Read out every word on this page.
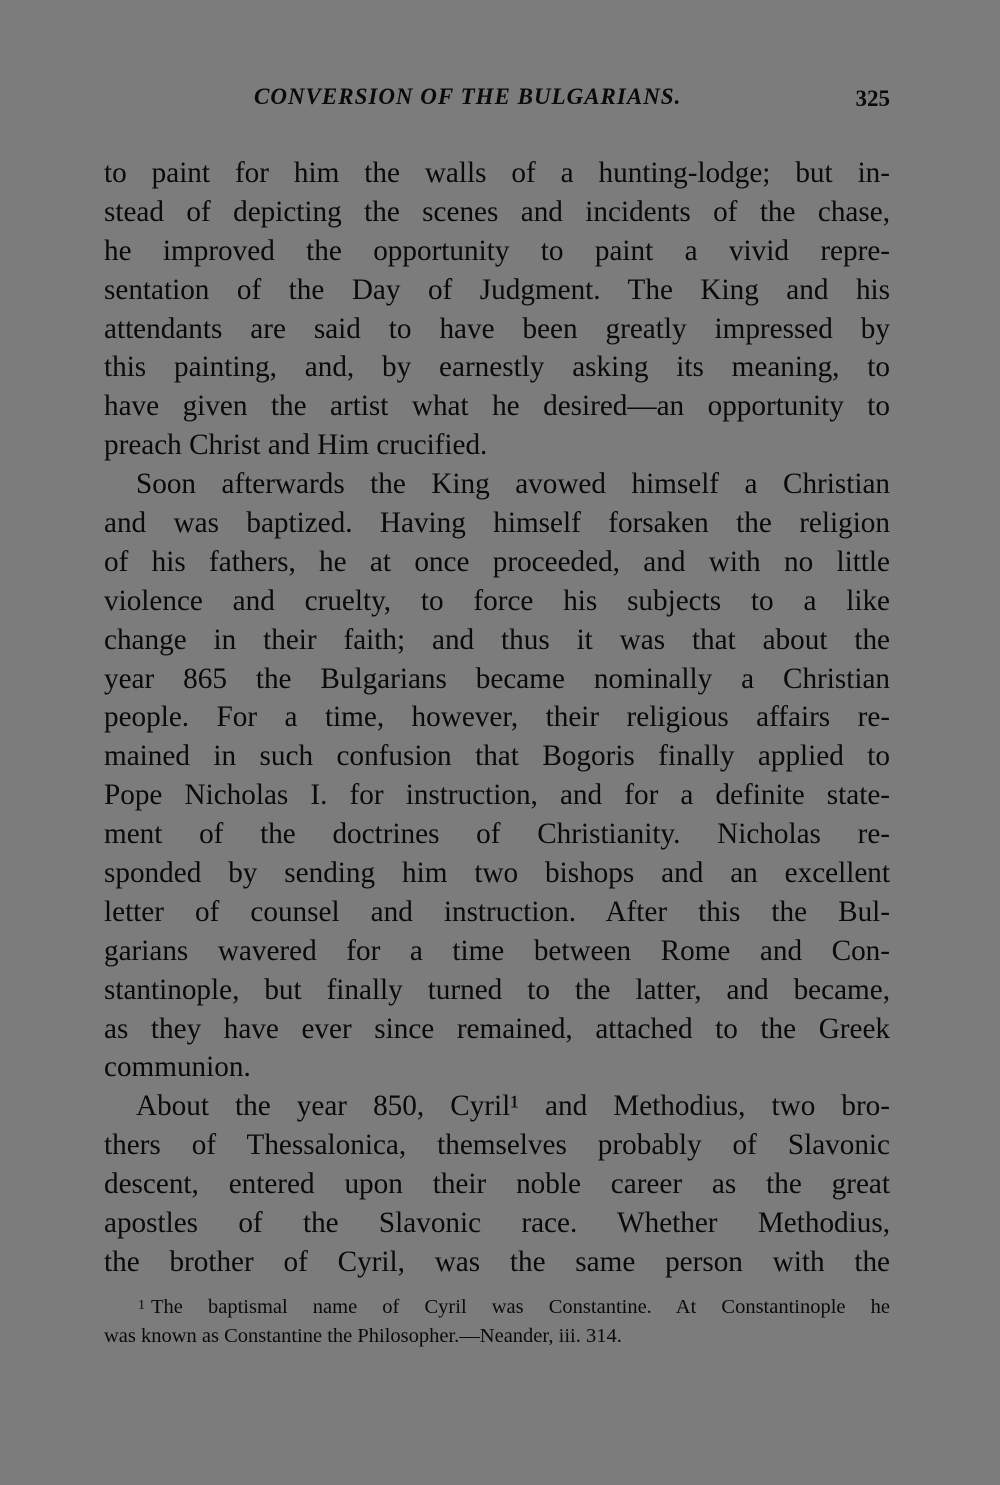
CONVERSION OF THE BULGARIANS.	325
to paint for him the walls of a hunting-lodge; but in-
stead of depicting the scenes and incidents of the chase,
he improved the opportunity to paint a vivid repre-
sentation of the Day of Judgment. The King and his
attendants are said to have been greatly impressed by
this painting, and, by earnestly asking its meaning, to
have given the artist what he desired—an opportunity to
preach Christ and Him crucified.
Soon afterwards the King avowed himself a Christian
and was baptized. Having himself forsaken the religion
of his fathers, he at once proceeded, and with no little
violence and cruelty, to force his subjects to a like
change in their faith; and thus it was that about the
year 865 the Bulgarians became nominally a Christian
people. For a time, however, their religious affairs re-
mained in such confusion that Bogoris finally applied to
Pope Nicholas I. for instruction, and for a definite state-
ment of the doctrines of Christianity. Nicholas re-
sponded by sending him two bishops and an excellent
letter of counsel and instruction. After this the Bul-
garians wavered for a time between Rome and Con-
stantinople, but finally turned to the latter, and became,
as they have ever since remained, attached to the Greek
communion.
About the year 850, Cyril¹ and Methodius, two bro-
thers of Thessalonica, themselves probably of Slavonic
descent, entered upon their noble career as the great
apostles of the Slavonic race. Whether Methodius,
the brother of Cyril, was the same person with the
$^1$ The baptismal name of Cyril was Constantine. At Constantinople he
was known as Constantine the Philosopher.—Neander, iii. 314.
